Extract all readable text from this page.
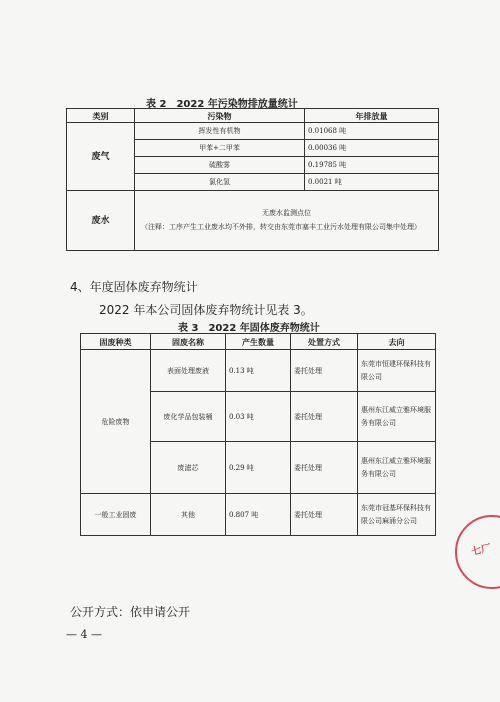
表 2　2022 年污染物排放量统计
类别	污染物	年排放量
废气	挥发性有机物	0.01068 吨
	甲苯+二甲苯	0.00036 吨
	硫酸雾	0.19785 吨
	氯化氢	0.0021 吨
废水	无废水监测点位
（注释：工序产生工业废水均不外排，转交由东莞市塞丰工业污水处理有限公司集中处理）	
4、年度固体废弃物统计
2022 年本公司固体废弃物统计见表 3。
表 3　2022 年固体废弃物统计
固废种类	固废名称	产生数量	处置方式	去向
危险废物	表面处理废液	0.13 吨	委托处理	东莞市恒建环保科技有限公司
	废化学品包装桶	0.03 吨	委托处理	惠州东江威立雅环境服务有限公司
	废滤芯	0.29 吨	委托处理	惠州东江威立雅环境服务有限公司
一般工业固废	其他	0.807 吨	委托处理	东莞市冠基环保科技有限公司麻涌分公司
七厂
公开方式：依申请公开
— 4 —
